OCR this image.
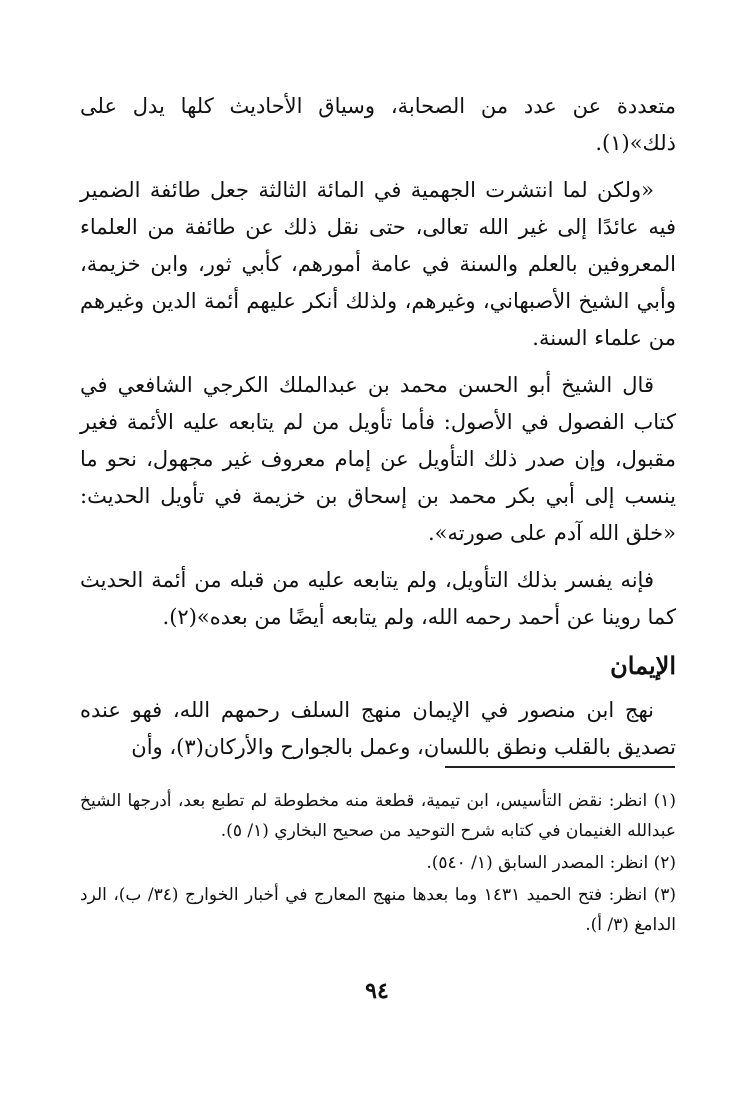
متعددة عن عدد من الصحابة، وسياق الأحاديث كلها يدل على ذلك»(١).

«ولكن لما انتشرت الجهمية في المائة الثالثة جعل طائفة الضمير فيه عائدًا إلى غير الله تعالى، حتى نقل ذلك عن طائفة من العلماء المعروفين بالعلم والسنة في عامة أمورهم، كأبي ثور، وابن خزيمة، وأبي الشيخ الأصبهاني، وغيرهم، ولذلك أنكر عليهم أئمة الدين وغيرهم من علماء السنة.

قال الشيخ أبو الحسن محمد بن عبدالملك الكرجي الشافعي في كتاب الفصول في الأصول: فأما تأويل من لم يتابعه عليه الأئمة فغير مقبول، وإن صدر ذلك التأويل عن إمام معروف غير مجهول، نحو ما ينسب إلى أبي بكر محمد بن إسحاق بن خزيمة في تأويل الحديث: «خلق الله آدم على صورته».

فإنه يفسر بذلك التأويل، ولم يتابعه عليه من قبله من أئمة الحديث كما روينا عن أحمد رحمه الله، ولم يتابعه أيضًا من بعده»(٢).

الإيمان

نهج ابن منصور في الإيمان منهج السلف رحمهم الله، فهو عنده تصديق بالقلب ونطق باللسان، وعمل بالجوارح والأركان(٣)، وأن

(١) انظر: نقض التأسيس، ابن تيمية، قطعة منه مخطوطة لم تطبع بعد، أدرجها الشيخ عبدالله الغنيمان في كتابه شرح التوحيد من صحيح البخاري (١/ ٥).

(٢) انظر: المصدر السابق (١/ ٥٤٠).

(٣) انظر: فتح الحميد ١٤٣١ وما بعدها منهج المعارج في أخبار الخوارج (٣٤/ ب)، الرد الدامغ (٣/ أ).

٩٤
